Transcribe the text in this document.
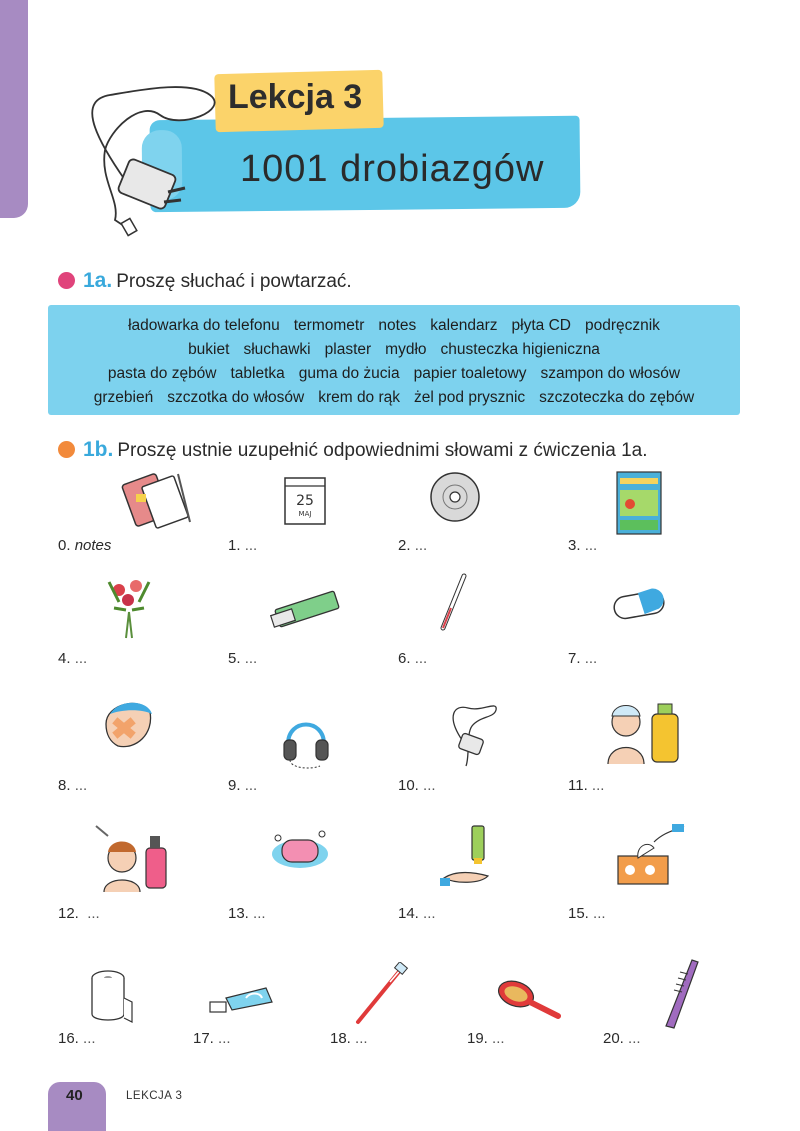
Lekcja 3
1001 drobiazgów
1a. Proszę słuchać i powtarzać.
ładowarka do telefonu termometr notes kalendarz płyta CD podręcznik
bukiet słuchawki plaster mydło chusteczka higieniczna
pasta do zębów tabletka guma do żucia papier toaletowy szampon do włosów
grzebień szczotka do włosów krem do rąk żel pod prysznic szczoteczka do zębów
1b. Proszę ustnie uzupełnić odpowiednimi słowami z ćwiczenia 1a.
0. notes
25
MAJ
1. ...	2. ...	3. ...
4. ...	5. ...	6. ...	7. ...
8. ...	9. ...	10. ...	11. ...
12. ...	13. ...	14. ...	15. ...
16. ...	17. ...	18. ...	19. ...	20. ...
40	LEKCJA 3
